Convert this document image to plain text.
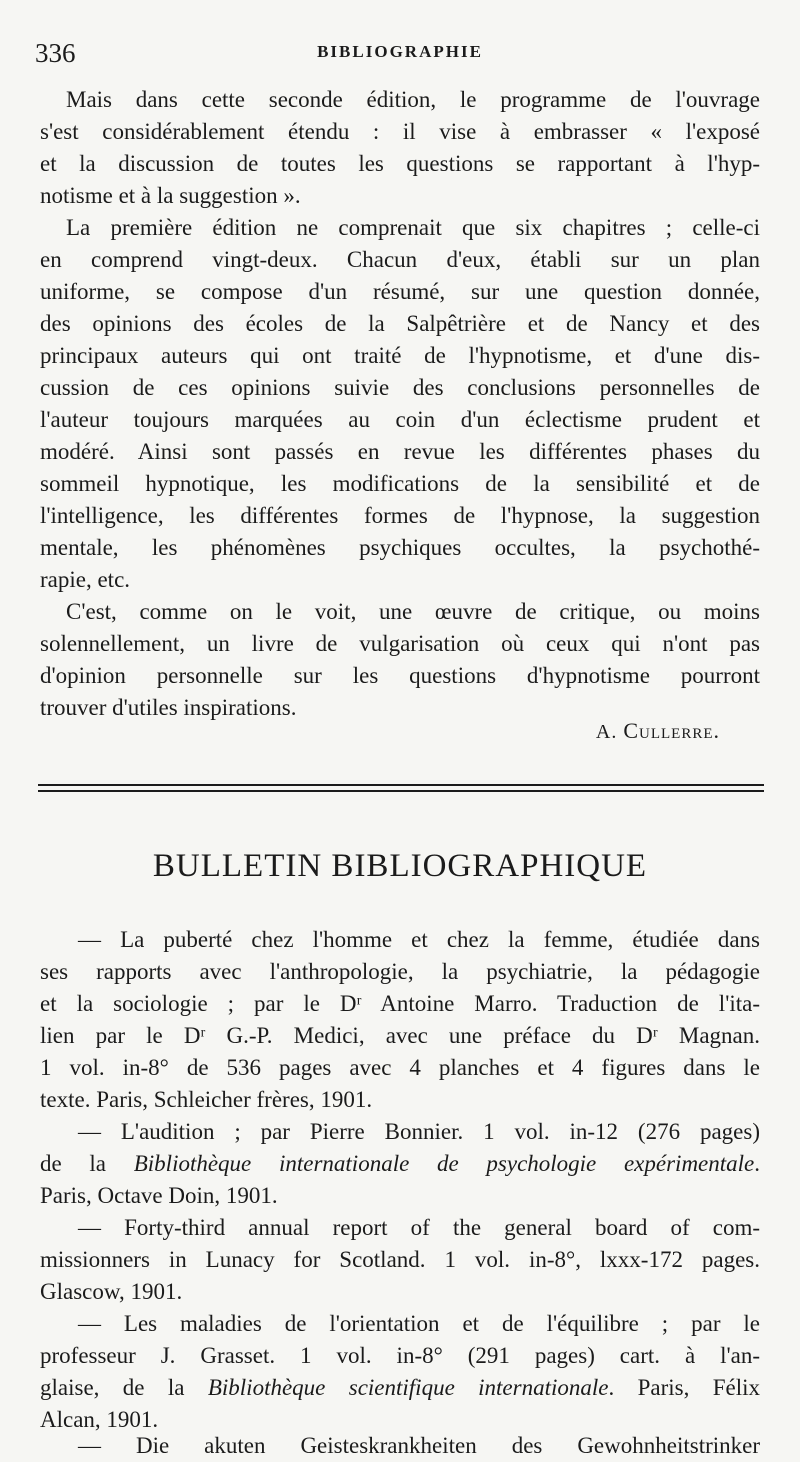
336	BIBLIOGRAPHIE
Mais dans cette seconde édition, le programme de l'ouvrage
s'est considérablement étendu : il vise à embrasser « l'exposé
et la discussion de toutes les questions se rapportant à l'hyp-
notisme et à la suggestion ».
La première édition ne comprenait que six chapitres ; celle-ci
en comprend vingt-deux. Chacun d'eux, établi sur un plan
uniforme, se compose d'un résumé, sur une question donnée,
des opinions des écoles de la Salpêtrière et de Nancy et des
principaux auteurs qui ont traité de l'hypnotisme, et d'une dis-
cussion de ces opinions suivie des conclusions personnelles de
l'auteur toujours marquées au coin d'un éclectisme prudent et
modéré. Ainsi sont passés en revue les différentes phases du
sommeil hypnotique, les modifications de la sensibilité et de
l'intelligence, les différentes formes de l'hypnose, la suggestion
mentale, les phénomènes psychiques occultes, la psychothé-
rapie, etc.
C'est, comme on le voit, une œuvre de critique, ou moins
solennellement, un livre de vulgarisation où ceux qui n'ont pas
d'opinion personnelle sur les questions d'hypnotisme pourront
trouver d'utiles inspirations.
A. Cullerre.
BULLETIN BIBLIOGRAPHIQUE
— La puberté chez l'homme et chez la femme, étudiée dans
ses rapports avec l'anthropologie, la psychiatrie, la pédagogie
et la sociologie ; par le Dʳ Antoine Marro. Traduction de l'ita-
lien par le Dʳ G.-P. Medici, avec une préface du Dʳ Magnan.
1 vol. in-8° de 536 pages avec 4 planches et 4 figures dans le
texte. Paris, Schleicher frères, 1901.
— L'audition ; par Pierre Bonnier. 1 vol. in-12 (276 pages)
de la Bibliothèque internationale de psychologie expérimentale.
Paris, Octave Doin, 1901.
— Forty-third annual report of the general board of com-
missionners in Lunacy for Scotland. 1 vol. in-8°, lxxx-172 pages.
Glascow, 1901.
— Les maladies de l'orientation et de l'équilibre ; par le
professeur J. Grasset. 1 vol. in-8° (291 pages) cart. à l'an-
glaise, de la Bibliothèque scientifique internationale. Paris, Félix
Alcan, 1901.
— Die akuten Geisteskrankheiten des Gewohnheitstrinker
